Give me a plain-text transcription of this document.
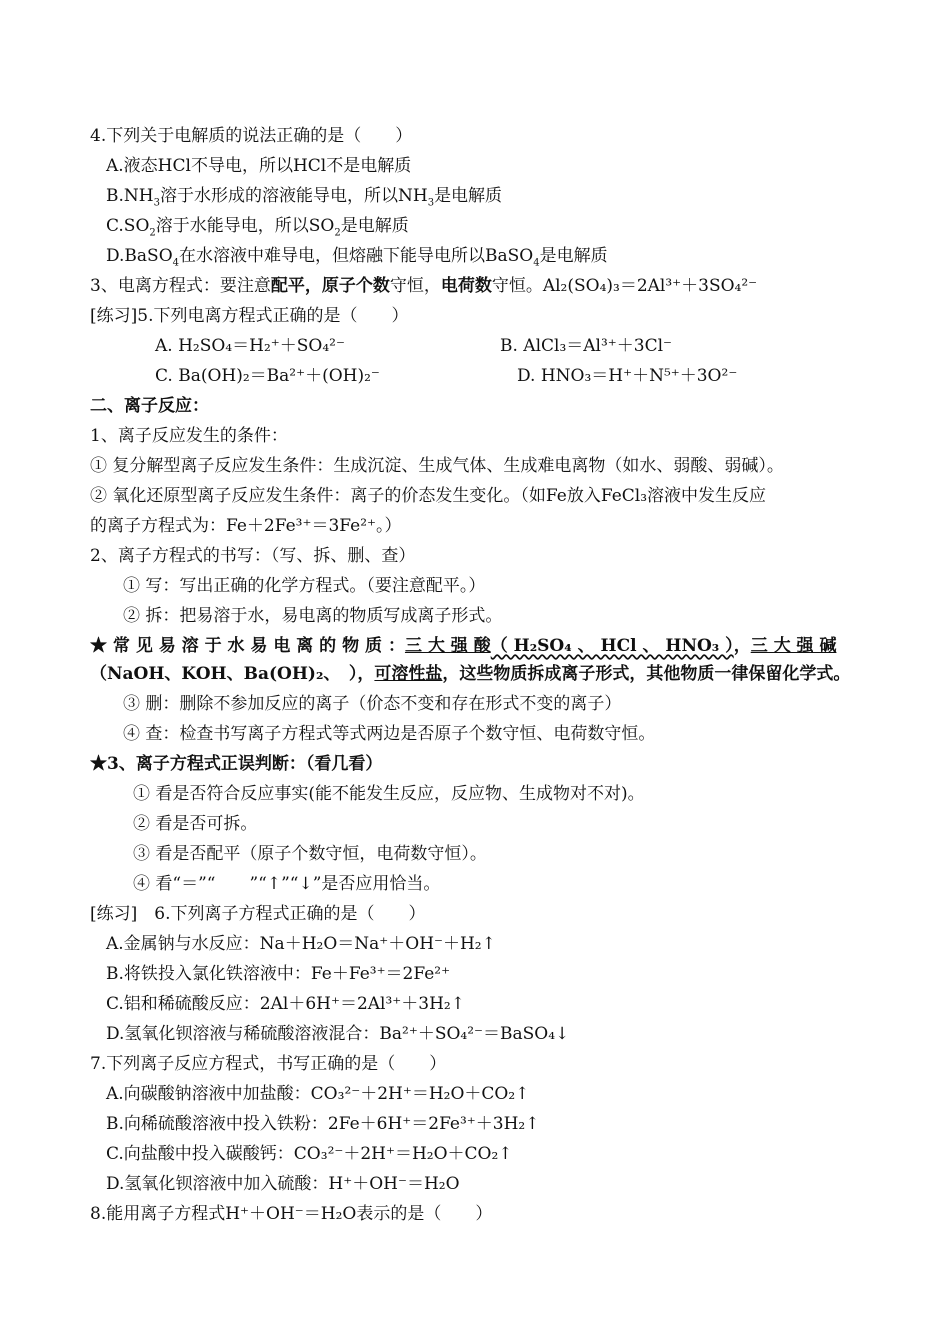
4.下列关于电解质的说法正确的是（　　）
A.液态HCl不导电，所以HCl不是电解质
$B.NH_3$溶于水形成的溶液能导电，所以$NH_3$是电解质
$C.SO_2$溶于水能导电，所以$SO_2$是电解质
D.BaSO$_4$在水溶液中难导电，但熔融下能导电所以BaSO$_4$是电解质
3、电离方程式：要注意配平，原子个数守恒，电荷数守恒。Al₂(SO₄)₃＝2Al³⁺＋3SO₄²⁻
[练习]5.下列电离方程式正确的是（　　）
A. H₂SO₄＝H₂⁺＋SO₄²⁻	B. AlCl₃＝Al³⁺＋3Cl⁻
C. Ba(OH)₂＝Ba²⁺＋(OH)₂⁻	D. HNO₃＝H⁺＋N⁵⁺＋3O²⁻
二、离子反应：
1、离子反应发生的条件：
① 复分解型离子反应发生条件：生成沉淀、生成气体、生成难电离物（如水、弱酸、弱碱）。
② 氧化还原型离子反应发生条件：离子的价态发生变化。（如Fe放入FeCl₃溶液中发生反应
的离子方程式为：Fe＋2Fe³⁺＝3Fe²⁺。）
2、离子方程式的书写：（写、拆、删、查）
① 写：写出正确的化学方程式。（要注意配平。）
② 拆：把易溶于水，易电离的物质写成离子形式。
★ 常 见 易 溶 于 水 易 电 离 的 物 质 ：三 大 强 酸（ H₂SO₄ 、 HCl 、 HNO₃ ），三 大 强 碱
（NaOH、KOH、Ba(OH)₂、　），可溶性盐，这些物质拆成离子形式，其他物质一律保留化学式。
③ 删：删除不参加反应的离子（价态不变和存在形式不变的离子）
④ 查：检查书写离子方程式等式两边是否原子个数守恒、电荷数守恒。
★3、离子方程式正误判断：（看几看）
① 看是否符合反应事实(能不能发生反应，反应物、生成物对不对)。
② 看是否可拆。
③ 看是否配平（原子个数守恒，电荷数守恒）。
④ 看“＝”“　　”“↑”“↓”是否应用恰当。
[练习]　6.下列离子方程式正确的是（　　）
A.金属钠与水反应：Na＋H₂O＝Na⁺＋OH⁻＋H₂↑
B.将铁投入氯化铁溶液中：Fe＋Fe³⁺＝2Fe²⁺
C.铝和稀硫酸反应：2Al＋6H⁺＝2Al³⁺＋3H₂↑
D.氢氧化钡溶液与稀硫酸溶液混合：Ba²⁺＋SO₄²⁻＝BaSO₄↓
7.下列离子反应方程式，书写正确的是（　　）
A.向碳酸钠溶液中加盐酸：CO₃²⁻＋2H⁺＝H₂O＋CO₂↑
B.向稀硫酸溶液中投入铁粉：2Fe＋6H⁺＝2Fe³⁺＋3H₂↑
C.向盐酸中投入碳酸钙：CO₃²⁻＋2H⁺＝H₂O＋CO₂↑
D.氢氧化钡溶液中加入硫酸：H⁺＋OH⁻＝H₂O
8.能用离子方程式H⁺＋OH⁻＝H₂O表示的是（　　）
